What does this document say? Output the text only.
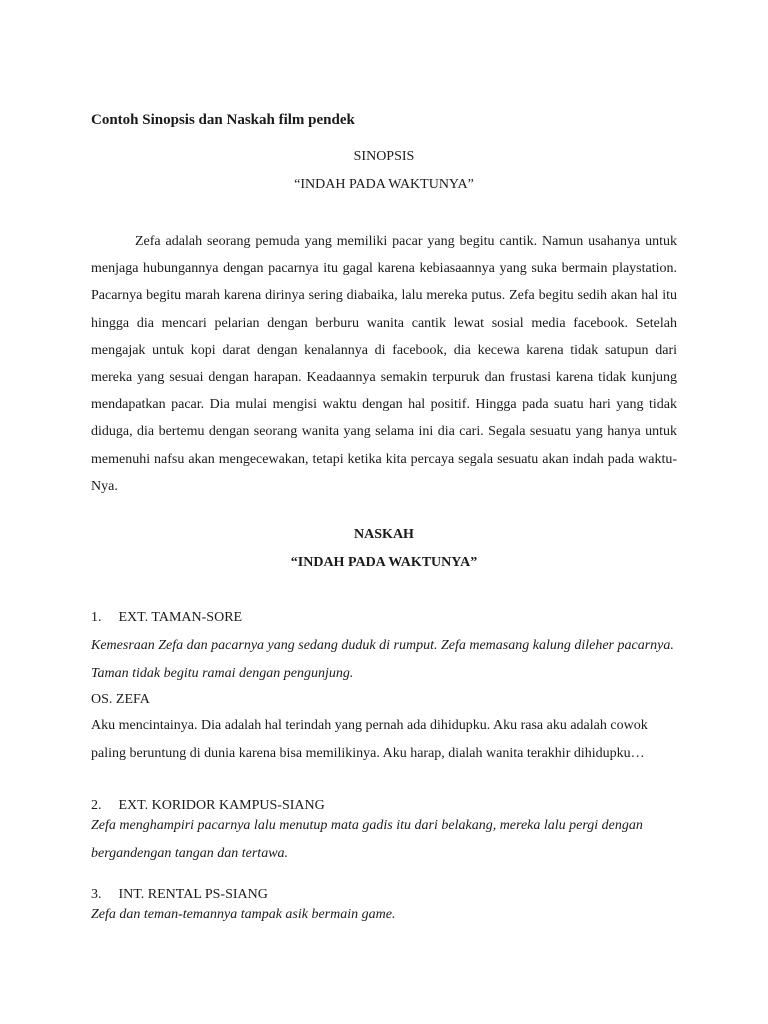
Contoh Sinopsis dan Naskah film pendek

SINOPSIS

“INDAH PADA WAKTUNYA”

Zefa adalah seorang pemuda yang memiliki pacar yang begitu cantik. Namun usahanya untuk menjaga hubungannya dengan pacarnya itu gagal karena kebiasaannya yang suka bermain playstation. Pacarnya begitu marah karena dirinya sering diabaika, lalu mereka putus. Zefa begitu sedih akan hal itu hingga dia mencari pelarian dengan berburu wanita cantik lewat sosial media facebook. Setelah mengajak untuk kopi darat dengan kenalannya di facebook, dia kecewa karena tidak satupun dari mereka yang sesuai dengan harapan. Keadaannya semakin terpuruk dan frustasi karena tidak kunjung mendapatkan pacar. Dia mulai mengisi waktu dengan hal positif. Hingga pada suatu hari yang tidak diduga, dia bertemu dengan seorang wanita yang selama ini dia cari. Segala sesuatu yang hanya untuk memenuhi nafsu akan mengecewakan, tetapi ketika kita percaya segala sesuatu akan indah pada waktu-Nya.

NASKAH

“INDAH PADA WAKTUNYA”

1. EXT. TAMAN-SORE

Kemesraan Zefa dan pacarnya yang sedang duduk di rumput. Zefa memasang kalung dileher pacarnya. Taman tidak begitu ramai dengan pengunjung.

OS. ZEFA

Aku mencintainya. Dia adalah hal terindah yang pernah ada dihidupku. Aku rasa aku adalah cowok paling beruntung di dunia karena bisa memilikinya. Aku harap, dialah wanita terakhir dihidupku…

2. EXT. KORIDOR KAMPUS-SIANG

Zefa menghampiri pacarnya lalu menutup mata gadis itu dari belakang, mereka lalu pergi dengan bergandengan tangan dan tertawa.

3. INT. RENTAL PS-SIANG

Zefa dan teman-temannya tampak asik bermain game.
